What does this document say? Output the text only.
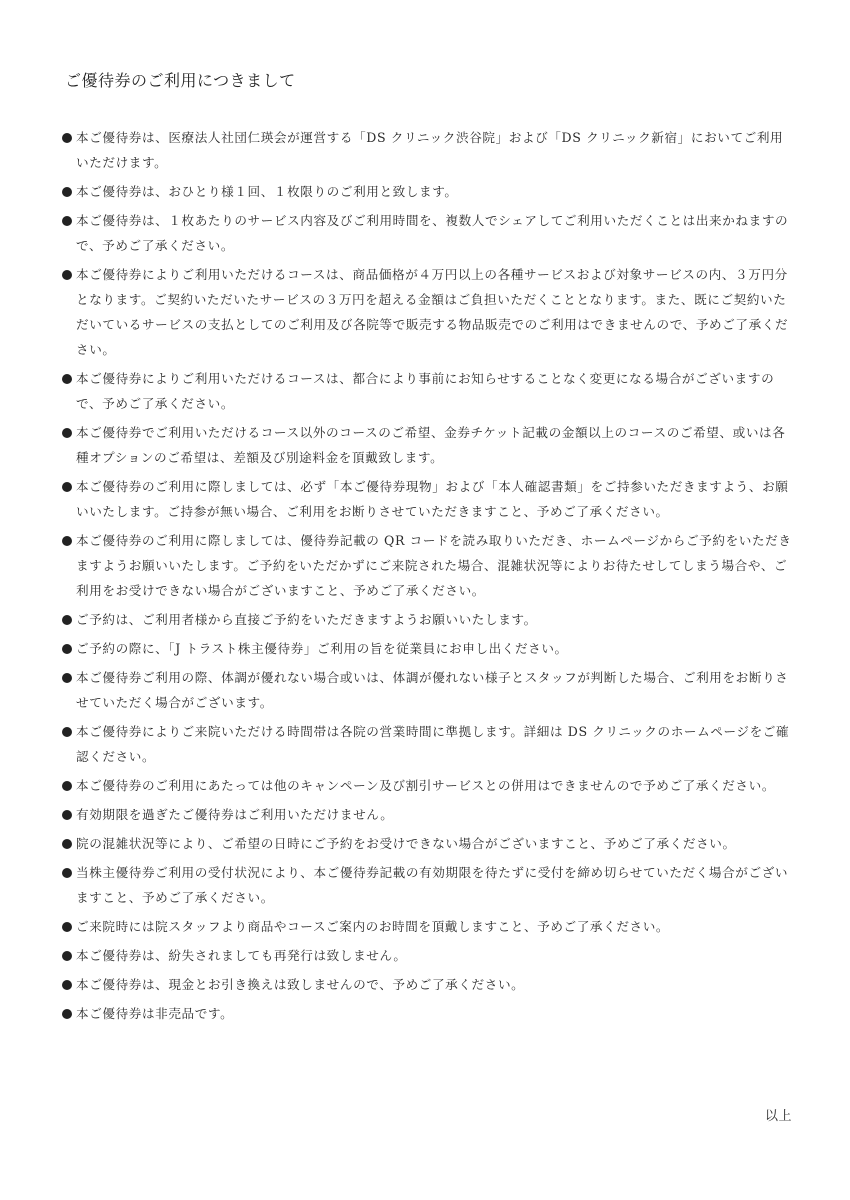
ご優待券のご利用につきまして
本ご優待券は、医療法人社団仁瑛会が運営する「DS クリニック渋谷院」および「DS クリニック新宿」においてご利用いただけます。
本ご優待券は、おひとり様１回、１枚限りのご利用と致します。
本ご優待券は、１枚あたりのサービス内容及びご利用時間を、複数人でシェアしてご利用いただくことは出来かねますので、予めご了承ください。
本ご優待券によりご利用いただけるコースは、商品価格が４万円以上の各種サービスおよび対象サービスの内、３万円分となります。ご契約いただいたサービスの３万円を超える金額はご負担いただくこととなります。また、既にご契約いただいているサービスの支払としてのご利用及び各院等で販売する物品販売でのご利用はできませんので、予めご了承ください。
本ご優待券によりご利用いただけるコースは、都合により事前にお知らせすることなく変更になる場合がございますので、予めご了承ください。
本ご優待券でご利用いただけるコース以外のコースのご希望、金券チケット記載の金額以上のコースのご希望、或いは各種オプションのご希望は、差額及び別途料金を頂戴致します。
本ご優待券のご利用に際しましては、必ず「本ご優待券現物」および「本人確認書類」をご持参いただきますよう、お願いいたします。ご持参が無い場合、ご利用をお断りさせていただきますこと、予めご了承ください。
本ご優待券のご利用に際しましては、優待券記載の QR コードを読み取りいただき、ホームページからご予約をいただきますようお願いいたします。ご予約をいただかずにご来院された場合、混雑状況等によりお待たせしてしまう場合や、ご利用をお受けできない場合がございますこと、予めご了承ください。
ご予約は、ご利用者様から直接ご予約をいただきますようお願いいたします。
ご予約の際に、「J トラスト株主優待券」ご利用の旨を従業員にお申し出ください。
本ご優待券ご利用の際、体調が優れない場合或いは、体調が優れない様子とスタッフが判断した場合、ご利用をお断りさせていただく場合がございます。
本ご優待券によりご来院いただける時間帯は各院の営業時間に準拠します。詳細は DS クリニックのホームページをご確認ください。
本ご優待券のご利用にあたっては他のキャンペーン及び割引サービスとの併用はできませんので予めご了承ください。
有効期限を過ぎたご優待券はご利用いただけません。
院の混雑状況等により、ご希望の日時にご予約をお受けできない場合がございますこと、予めご了承ください。
当株主優待券ご利用の受付状況により、本ご優待券記載の有効期限を待たずに受付を締め切らせていただく場合がございますこと、予めご了承ください。
ご来院時には院スタッフより商品やコースご案内のお時間を頂戴しますこと、予めご了承ください。
本ご優待券は、紛失されましても再発行は致しません。
本ご優待券は、現金とお引き換えは致しませんので、予めご了承ください。
本ご優待券は非売品です。
以上
